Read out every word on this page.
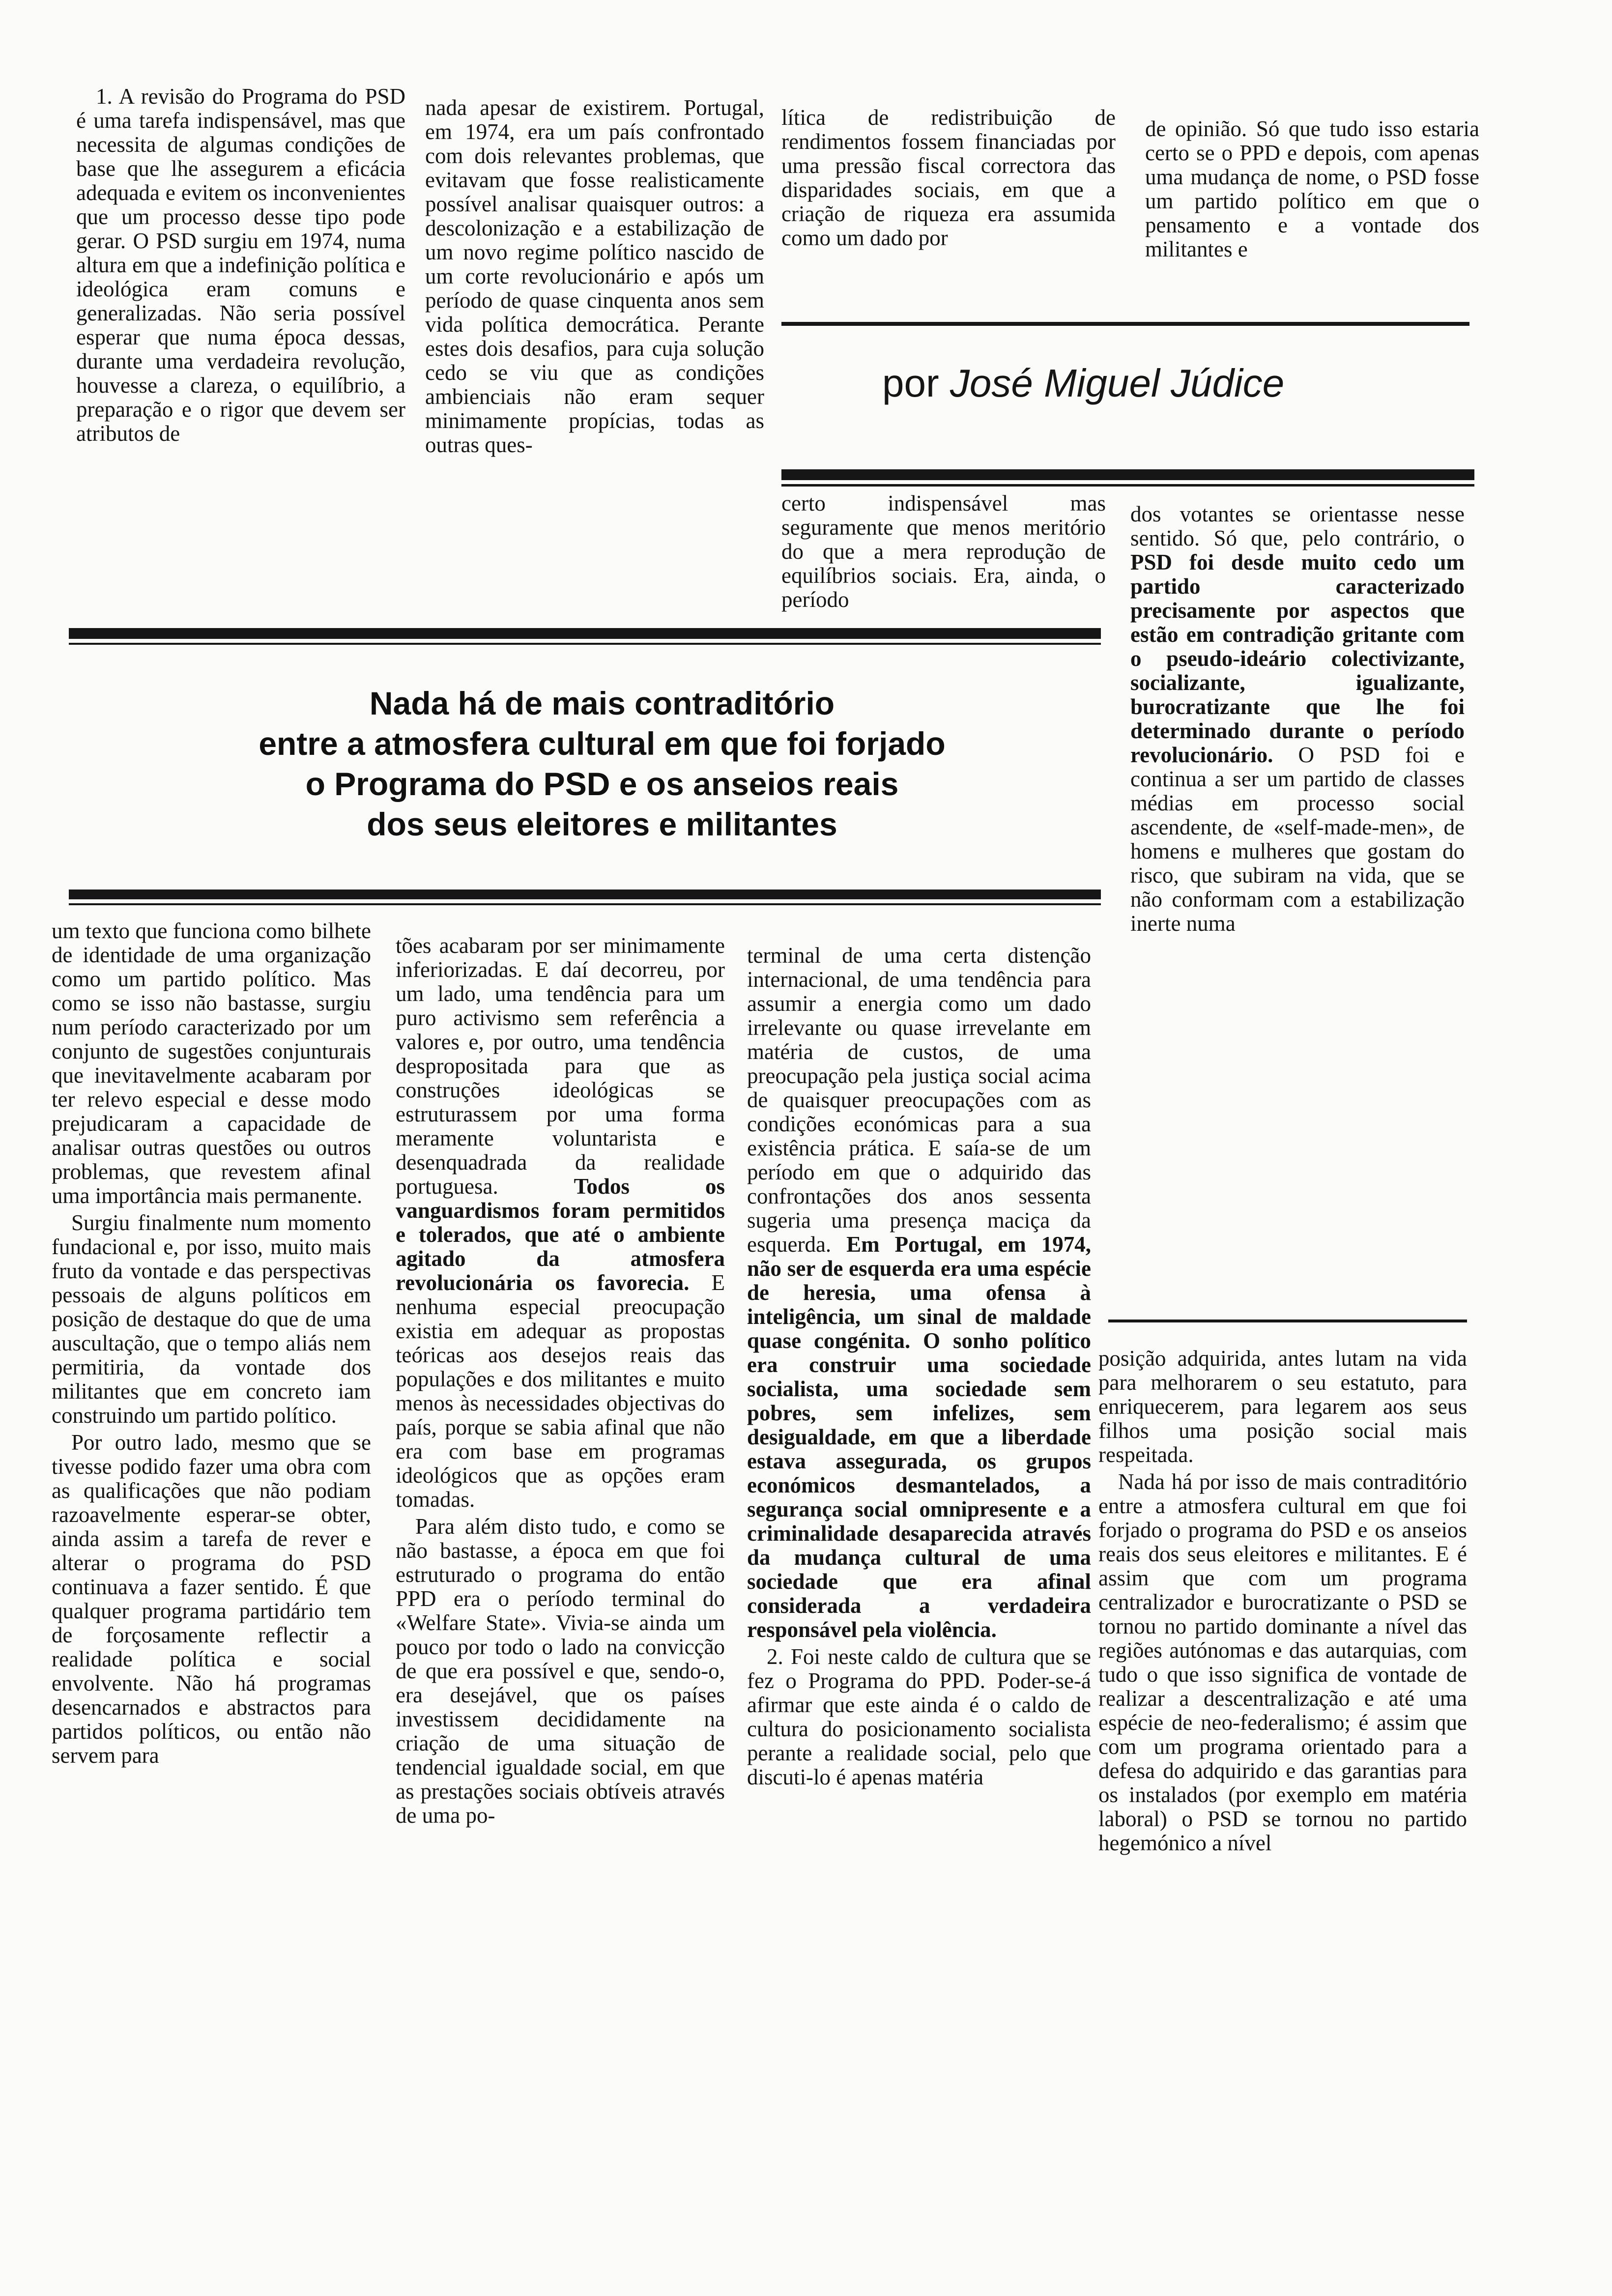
1. A revisão do Programa do PSD é uma tarefa indispensável, mas que necessita de algumas condições de base que lhe assegurem a eficácia adequada e evitem os inconvenientes que um processo desse tipo pode gerar. O PSD surgiu em 1974, numa altura em que a indefinição política e ideológica eram comuns e generalizadas. Não seria possível esperar que numa época dessas, durante uma verdadeira revolução, houvesse a clareza, o equilíbrio, a preparação e o rigor que devem ser atributos de

nada apesar de existirem. Portugal, em 1974, era um país confrontado com dois relevantes problemas, que evitavam que fosse realisticamente possível analisar quaisquer outros: a descolonização e a estabilização de um novo regime político nascido de um corte revolucionário e após um período de quase cinquenta anos sem vida política democrática. Perante estes dois desafios, para cuja solução cedo se viu que as condições ambienciais não eram sequer minimamente propícias, todas as outras ques-

lítica de redistribuição de rendimentos fossem financiadas por uma pressão fiscal correctora das disparidades sociais, em que a criação de riqueza era assumida como um dado por

de opinião. Só que tudo isso estaria certo se o PPD e depois, com apenas uma mudança de nome, o PSD fosse um partido político em que o pensamento e a vontade dos militantes e

por José Miguel Júdice

certo indispensável mas seguramente que menos meritório do que a mera reprodução de equilíbrios sociais. Era, ainda, o período

dos votantes se orientasse nesse sentido. Só que, pelo contrário, o PSD foi desde muito cedo um partido caracterizado precisamente por aspectos que estão em contradição gritante com o pseudo-ideário colectivizante, socializante, igualizante, burocratizante que lhe foi determinado durante o período revolucionário. O PSD foi e continua a ser um partido de classes médias em processo social ascendente, de «self-made-men», de homens e mulheres que gostam do risco, que subiram na vida, que se não conformam com a estabilização inerte numa

Nada há de mais contraditório
entre a atmosfera cultural em que foi forjado
o Programa do PSD e os anseios reais
dos seus eleitores e militantes

um texto que funciona como bilhete de identidade de uma organização como um partido político. Mas como se isso não bastasse, surgiu num período caracterizado por um conjunto de sugestões conjunturais que inevitavelmente acabaram por ter relevo especial e desse modo prejudicaram a capacidade de analisar outras questões ou outros problemas, que revestem afinal uma importância mais permanente.

Surgiu finalmente num momento fundacional e, por isso, muito mais fruto da vontade e das perspectivas pessoais de alguns políticos em posição de destaque do que de uma auscultação, que o tempo aliás nem permitiria, da vontade dos militantes que em concreto iam construindo um partido político.

Por outro lado, mesmo que se tivesse podido fazer uma obra com as qualificações que não podiam razoavelmente esperar-se obter, ainda assim a tarefa de rever e alterar o programa do PSD continuava a fazer sentido. É que qualquer programa partidário tem de forçosamente reflectir a realidade política e social envolvente. Não há programas desencarnados e abstractos para partidos políticos, ou então não servem para

tões acabaram por ser minimamente inferiorizadas. E daí decorreu, por um lado, uma tendência para um puro activismo sem referência a valores e, por outro, uma tendência despropositada para que as construções ideológicas se estruturassem por uma forma meramente voluntarista e desenquadrada da realidade portuguesa.	Todos os vanguardismos foram permitidos e tolerados, que até o ambiente agitado da atmosfera revolucionária os favorecia. E nenhuma especial preocupação existia em adequar as propostas teóricas aos desejos reais das populações e dos militantes e muito menos às necessidades objectivas do país, porque se sabia afinal que não era com base em programas ideológicos que as opções eram tomadas.

Para além disto tudo, e como se não bastasse, a época em que foi estruturado o programa do então PPD era o período terminal do «Welfare State». Vivia-se ainda um pouco por todo o lado na convicção de que era possível e que, sendo-o, era desejável, que os países investissem decididamente na criação de uma situação de tendencial igualdade social, em que as prestações sociais obtíveis através de uma po-

terminal de uma certa distenção internacional, de uma tendência para assumir a energia como um dado irrelevante ou quase irrevelante em matéria de custos, de uma preocupação pela justiça social acima de quaisquer preocupações com as condições económicas para a sua existência prática. E saía-se de um período em que o adquirido das confrontações dos anos sessenta sugeria uma presença maciça da esquerda. Em Portugal, em 1974, não ser de esquerda era uma espécie de heresia, uma ofensa à inteligência, um sinal de maldade quase congénita. O sonho político era construir uma sociedade socialista, uma sociedade sem pobres, sem infelizes, sem desigualdade, em que a liberdade estava assegurada, os grupos económicos desmantelados, a segurança social omnipresente e a criminalidade desaparecida através da mudança cultural de uma sociedade que era afinal considerada a verdadeira responsável pela violência.

2. Foi neste caldo de cultura que se fez o Programa do PPD. Poder-se-á afirmar que este ainda é o caldo de cultura do posicionamento socialista perante a realidade social, pelo que discuti-lo é apenas matéria

posição adquirida, antes lutam na vida para melhorarem o seu estatuto, para enriquecerem, para legarem aos seus filhos uma posição social mais respeitada.

Nada há por isso de mais contraditório entre a atmosfera cultural em que foi forjado o programa do PSD e os anseios reais dos seus eleitores e militantes. E é assim que com um programa centralizador e burocratizante o PSD se tornou no partido dominante a nível das regiões autónomas e das autarquias, com tudo o que isso significa de vontade de realizar a descentralização e até uma espécie de neo-federalismo; é assim que com um programa orientado para a defesa do adquirido e das garantias para os instalados (por exemplo em matéria laboral) o PSD se tornou no partido hegemónico a nível
